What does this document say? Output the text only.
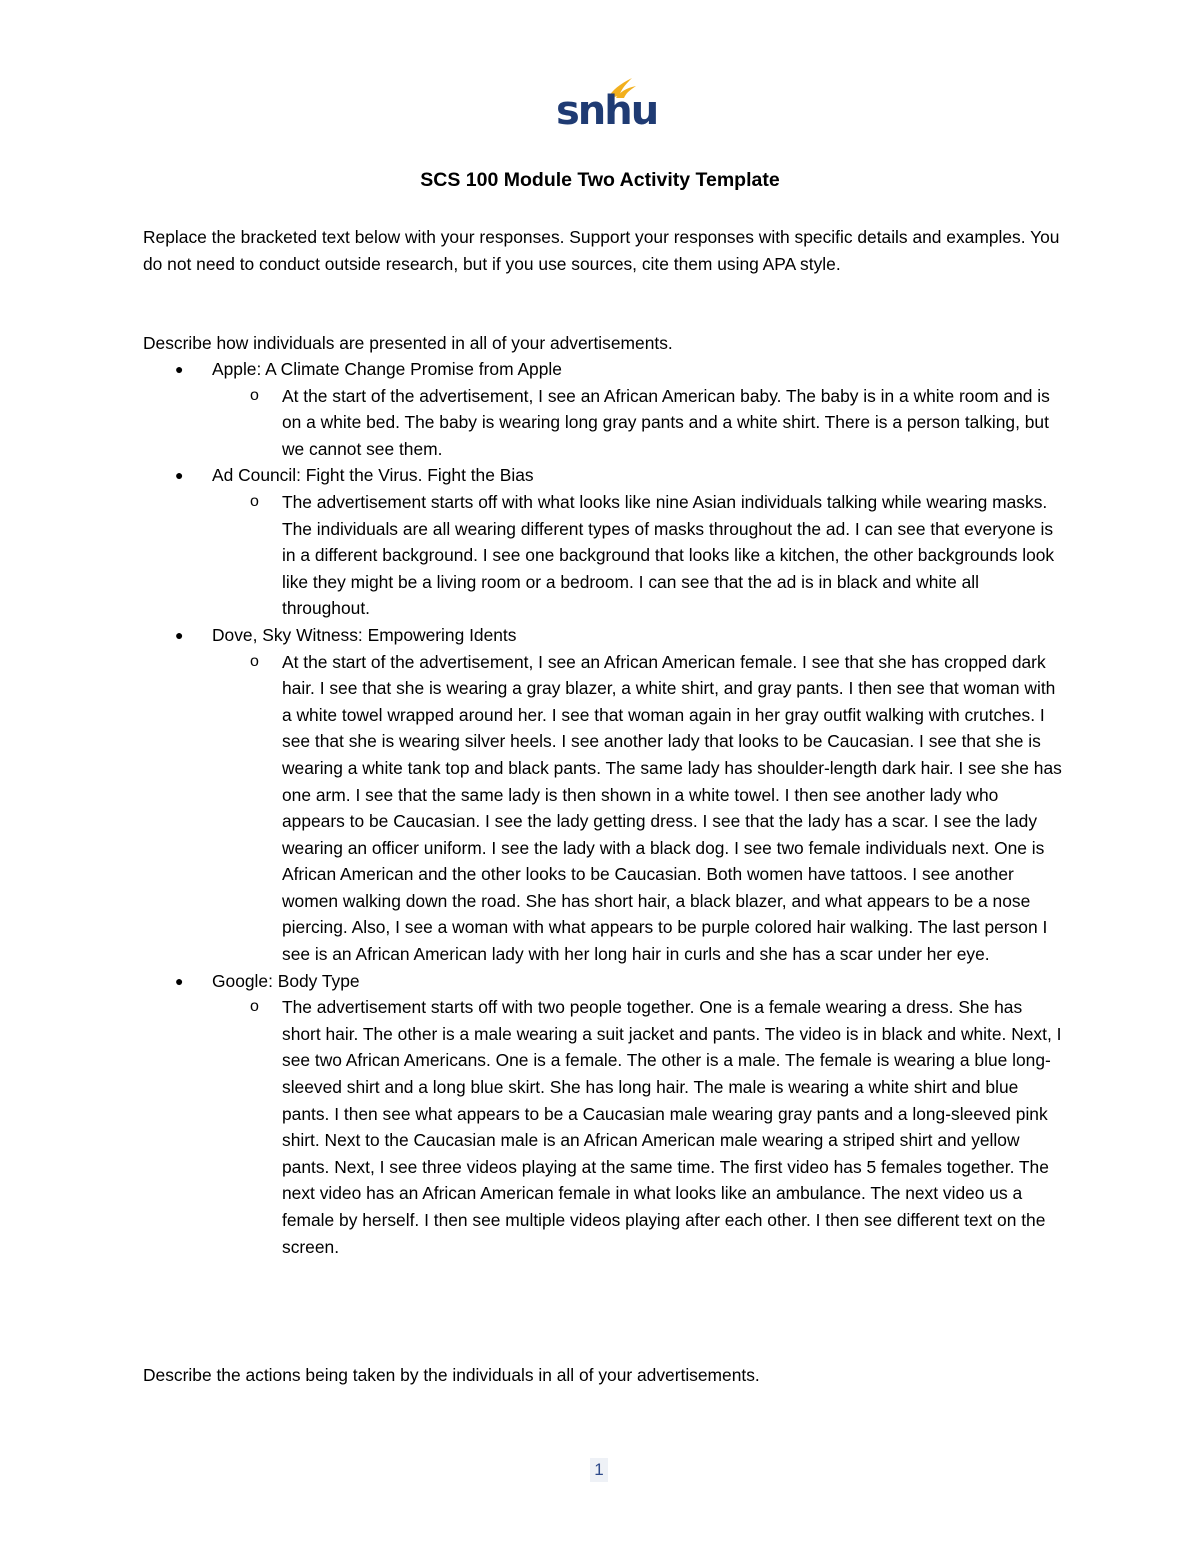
snhu
SCS 100 Module Two Activity Template

Replace the bracketed text below with your responses. Support your responses with specific details and examples. You do not need to conduct outside research, but if you use sources, cite them using APA style.

Describe how individuals are presented in all of your advertisements.

● Apple: A Climate Change Promise from Apple
o At the start of the advertisement, I see an African American baby. The baby is in a white room and is on a white bed. The baby is wearing long gray pants and a white shirt. There is a person talking, but we cannot see them.
● Ad Council: Fight the Virus. Fight the Bias
o The advertisement starts off with what looks like nine Asian individuals talking while wearing masks. The individuals are all wearing different types of masks throughout the ad. I can see that everyone is in a different background. I see one background that looks like a kitchen, the other backgrounds look like they might be a living room or a bedroom. I can see that the ad is in black and white all throughout.
● Dove, Sky Witness: Empowering Idents
o At the start of the advertisement, I see an African American female. I see that she has cropped dark hair. I see that she is wearing a gray blazer, a white shirt, and gray pants. I then see that woman with a white towel wrapped around her. I see that woman again in her gray outfit walking with crutches. I see that she is wearing silver heels. I see another lady that looks to be Caucasian. I see that she is wearing a white tank top and black pants. The same lady has shoulder-length dark hair. I see she has one arm. I see that the same lady is then shown in a white towel. I then see another lady who appears to be Caucasian. I see the lady getting dress. I see that the lady has a scar. I see the lady wearing an officer uniform. I see the lady with a black dog. I see two female individuals next. One is African American and the other looks to be Caucasian. Both women have tattoos. I see another women walking down the road. She has short hair, a black blazer, and what appears to be a nose piercing. Also, I see a woman with what appears to be purple colored hair walking. The last person I see is an African American lady with her long hair in curls and she has a scar under her eye.
● Google: Body Type
o The advertisement starts off with two people together. One is a female wearing a dress. She has short hair. The other is a male wearing a suit jacket and pants. The video is in black and white. Next, I see two African Americans. One is a female. The other is a male. The female is wearing a blue long-sleeved shirt and a long blue skirt. She has long hair. The male is wearing a white shirt and blue pants. I then see what appears to be a Caucasian male wearing gray pants and a long-sleeved pink shirt. Next to the Caucasian male is an African American male wearing a striped shirt and yellow pants. Next, I see three videos playing at the same time. The first video has 5 females together. The next video has an African American female in what looks like an ambulance. The next video us a female by herself. I then see multiple videos playing after each other. I then see different text on the screen.

Describe the actions being taken by the individuals in all of your advertisements.

1
